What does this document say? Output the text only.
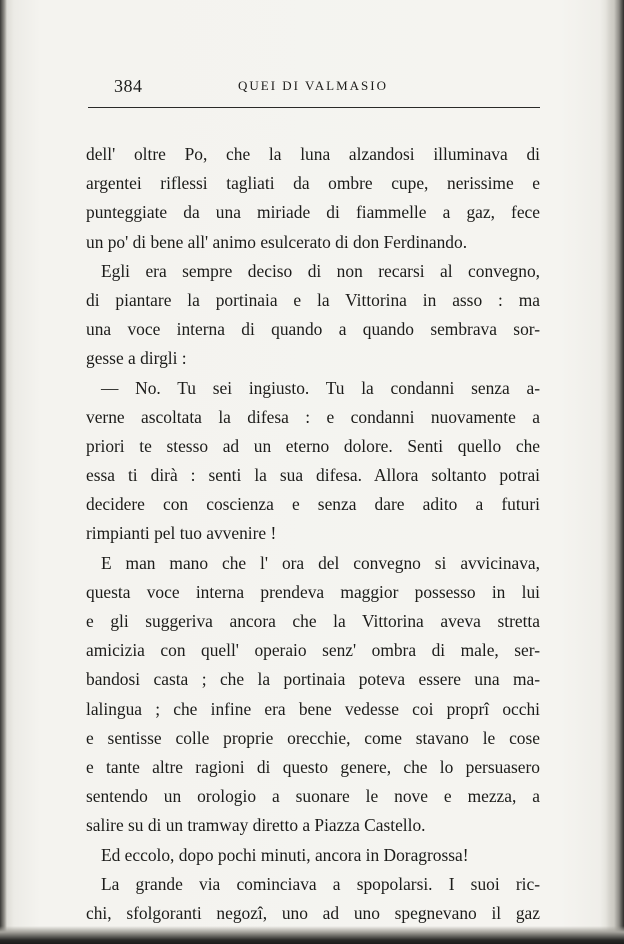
384	QUEI DI VALMASIO
dell' oltre Po, che la luna alzandosi illuminava di
argentei riflessi tagliati da ombre cupe, nerissime e
punteggiate da una miriade di fiammelle a gaz, fece
un po' di bene all' animo esulcerato di don Ferdinando.
Egli era sempre deciso di non recarsi al convegno,
di piantare la portinaia e la Vittorina in asso : ma
una voce interna di quando a quando sembrava sor-
gesse a dirgli :
— No. Tu sei ingiusto. Tu la condanni senza a-
verne ascoltata la difesa : e condanni nuovamente a
priori te stesso ad un eterno dolore. Senti quello che
essa ti dirà : senti la sua difesa. Allora soltanto potrai
decidere con coscienza e senza dare adito a futuri
rimpianti pel tuo avvenire !
E man mano che l' ora del convegno si avvicinava,
questa voce interna prendeva maggior possesso in lui
e gli suggeriva ancora che la Vittorina aveva stretta
amicizia con quell' operaio senz' ombra di male, ser-
bandosi casta ; che la portinaia poteva essere una ma-
lalingua ; che infine era bene vedesse coi proprî occhi
e sentisse colle proprie orecchie, come stavano le cose
e tante altre ragioni di questo genere, che lo persuasero
sentendo un orologio a suonare le nove e mezza, a
salire su di un tramway diretto a Piazza Castello.
Ed eccolo, dopo pochi minuti, ancora in Doragrossa!
La grande via cominciava a spopolarsi. I suoi ric-
chi, sfolgoranti negozî, uno ad uno spegnevano il gaz
